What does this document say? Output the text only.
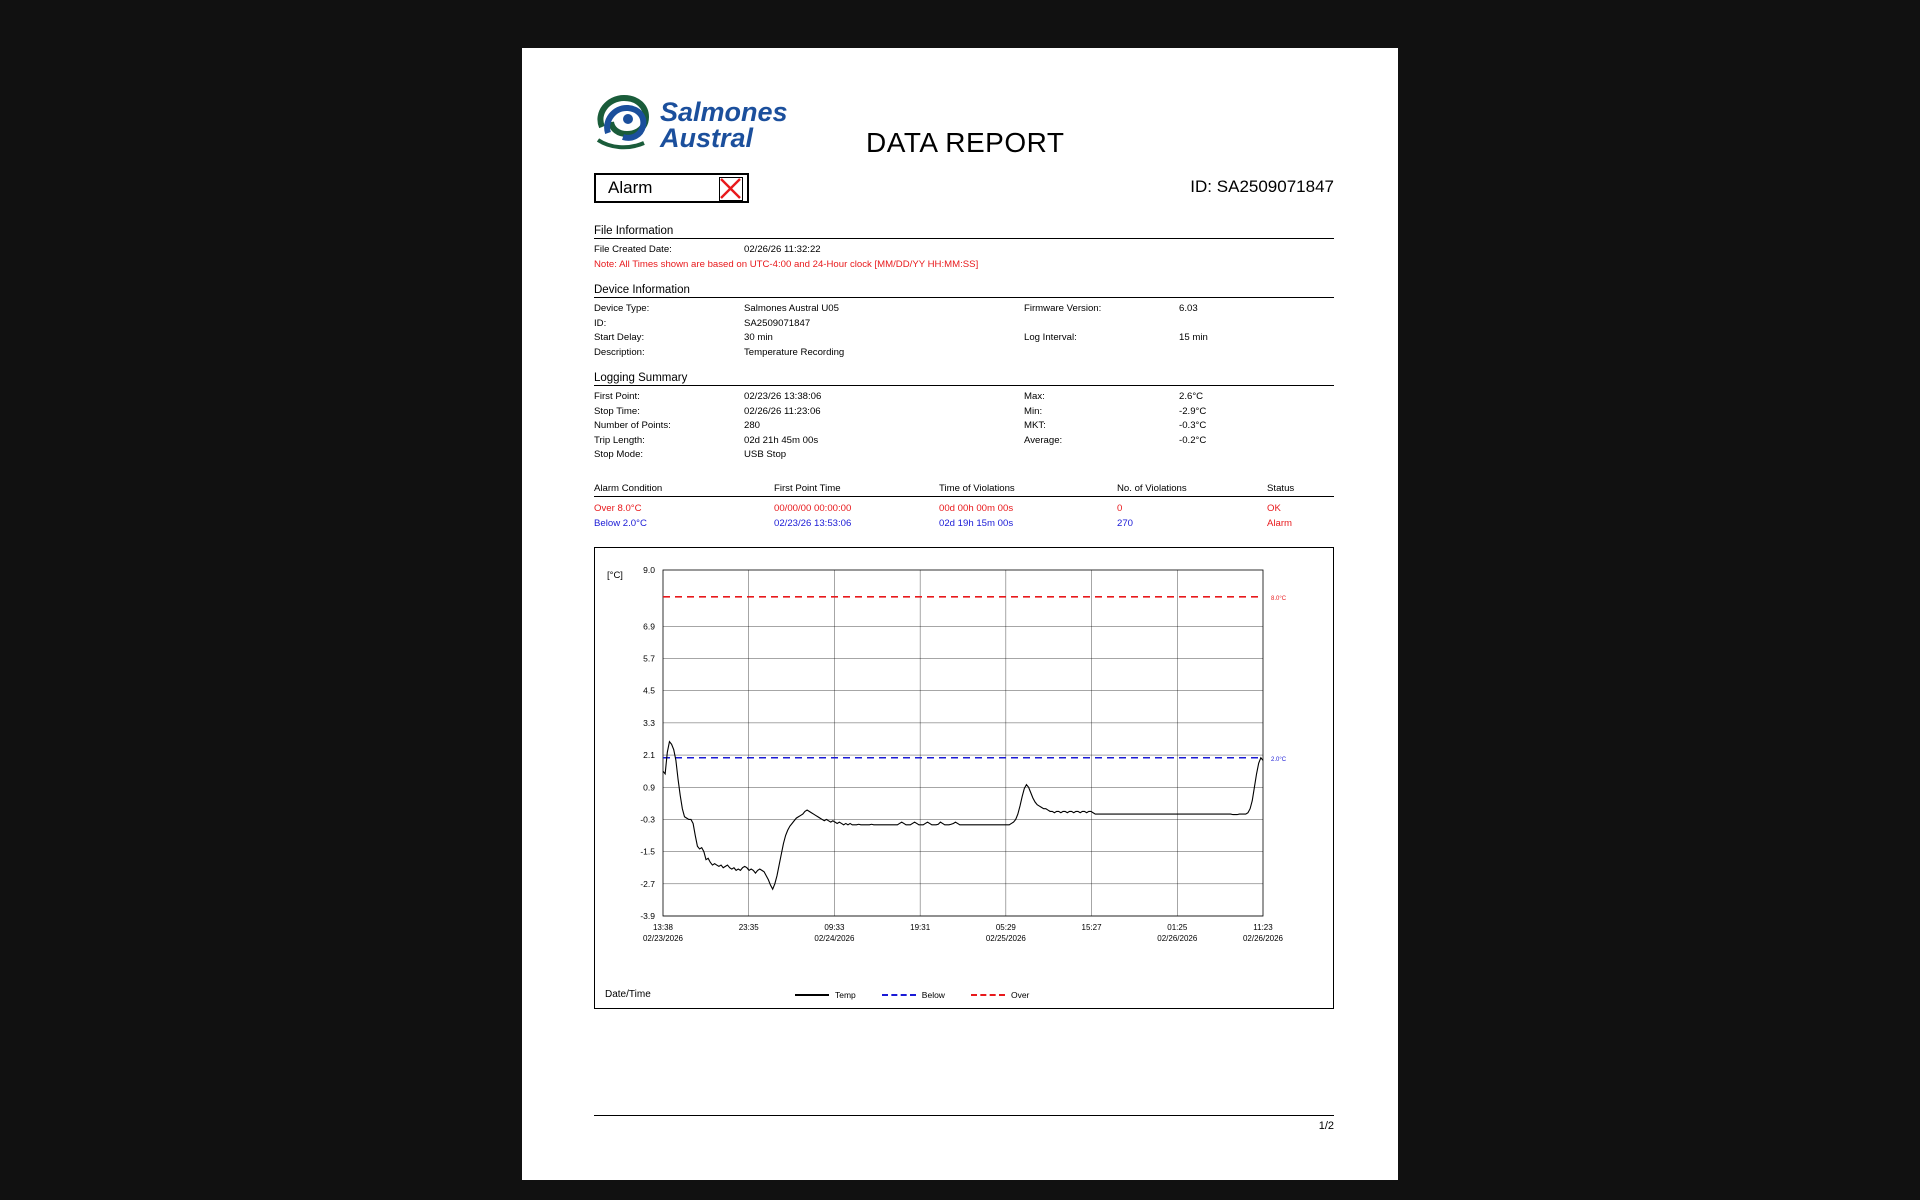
Salmones
Austral	DATA REPORT
Alarm	ID: SA2509071847
File Information
File Created Date:	02/26/26 11:32:22
Note: All Times shown are based on UTC-4:00 and 24-Hour clock [MM/DD/YY HH:MM:SS]
Device Information
Device Type:	Salmones Austral U05	Firmware Version:	6.03
ID:	SA2509071847
Start Delay:	30 min	Log Interval:	15 min
Description:	Temperature Recording
Logging Summary
First Point:	02/23/26 13:38:06	Max:	2.6°C
Stop Time:	02/26/26 11:23:06	Min:	-2.9°C
Number of Points:	280	MKT:	-0.3°C
Trip Length:	02d 21h 45m 00s	Average:	-0.2°C
Stop Mode:	USB Stop
Alarm Condition	First Point Time	Time of Violations	No. of Violations	Status
Over 8.0°C	00/00/00 00:00:00	00d 00h 00m 00s	0	OK
Below 2.0°C	02/23/26 13:53:06	02d 19h 15m 00s	270	Alarm
[°C] 9.0
6.9
5.7
4.5
3.3
2.1
0.9
-0.3
-1.5
-2.7
-3.9
13:38
02/23/2026
23:35	09:33
02/24/2026
19:31	05:29
02/25/2026
15:27	01:25
02/26/2026
11:23
02/26/2026
8.0°C
2.0°C
Date/Time	Temp	Below	Over
1/2
